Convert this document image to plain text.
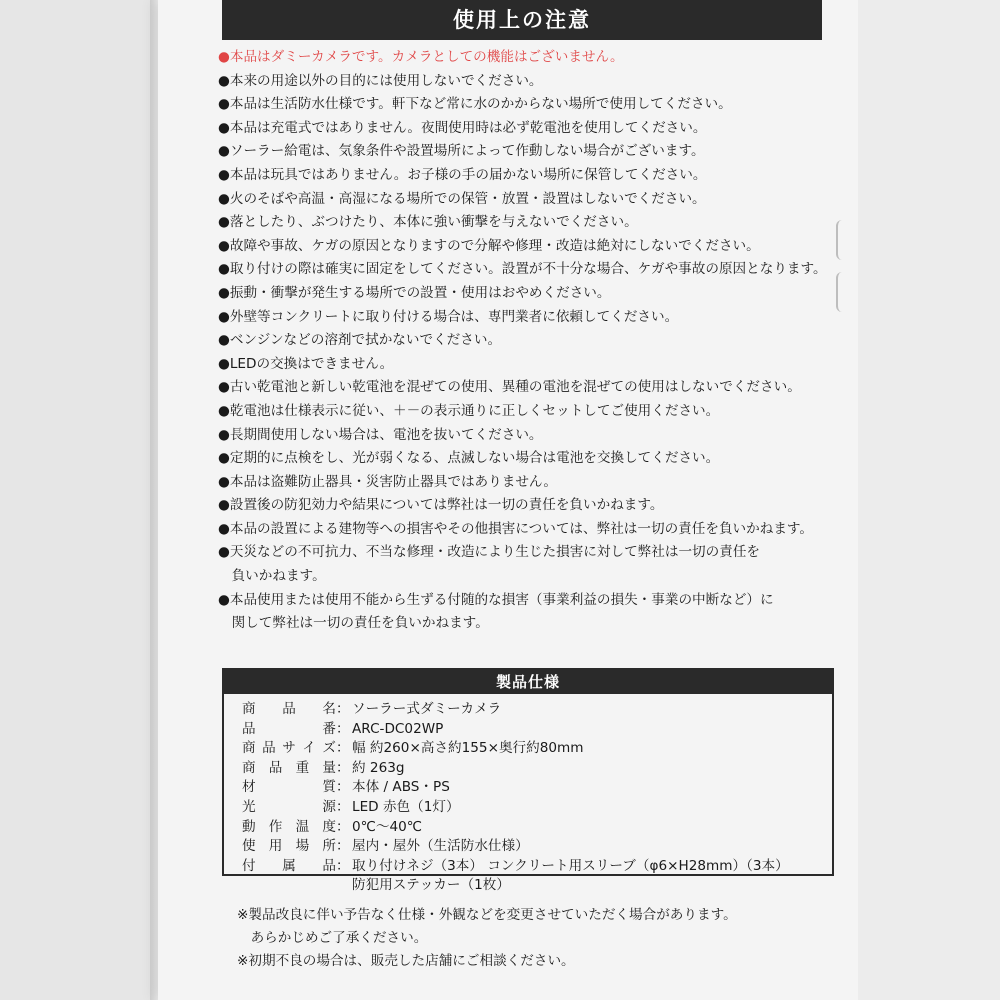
使用上の注意
●本品はダミーカメラです。カメラとしての機能はございません。
●本来の用途以外の目的には使用しないでください。
●本品は生活防水仕様です。軒下など常に水のかからない場所で使用してください。
●本品は充電式ではありません。夜間使用時は必ず乾電池を使用してください。
●ソーラー給電は、気象条件や設置場所によって作動しない場合がございます。
●本品は玩具ではありません。お子様の手の届かない場所に保管してください。
●火のそばや高温・高湿になる場所での保管・放置・設置はしないでください。
●落としたり、ぶつけたり、本体に強い衝撃を与えないでください。
●故障や事故、ケガの原因となりますので分解や修理・改造は絶対にしないでください。
●取り付けの際は確実に固定をしてください。設置が不十分な場合、ケガや事故の原因となります。
●振動・衝撃が発生する場所での設置・使用はおやめください。
●外壁等コンクリートに取り付ける場合は、専門業者に依頼してください。
●ベンジンなどの溶剤で拭かないでください。
●LEDの交換はできません。
●古い乾電池と新しい乾電池を混ぜての使用、異種の電池を混ぜての使用はしないでください。
●乾電池は仕様表示に従い、＋－の表示通りに正しくセットしてご使用ください。
●長期間使用しない場合は、電池を抜いてください。
●定期的に点検をし、光が弱くなる、点滅しない場合は電池を交換してください。
●本品は盗難防止器具・災害防止器具ではありません。
●設置後の防犯効力や結果については弊社は一切の責任を負いかねます。
●本品の設置による建物等への損害やその他損害については、弊社は一切の責任を負いかねます。
●天災などの不可抗力、不当な修理・改造により生じた損害に対して弊社は一切の責任を
　負いかねます。
●本品使用または使用不能から生ずる付随的な損害（事業利益の損失・事業の中断など）に
　関して弊社は一切の責任を負いかねます。
製品仕様
商 品 名 ： ソーラー式ダミーカメラ
品	番 ： ARC-DC02WP
商 品 サ イ ズ ： 幅 約260×高さ約155×奥行約80mm
商 品 重 量 ： 約 263g
材	質 ： 本体 / ABS・PS
光	源 ： LED 赤色（1灯）
動 作 温 度 ： 0℃～40℃
使 用 場 所 ： 屋内・屋外（生活防水仕様）
付 属 品 ： 取り付けネジ（3本） コンクリート用スリーブ（φ6×H28mm）（3本）
防犯用ステッカー（1枚）
※製品改良に伴い予告なく仕様・外観などを変更させていただく場合があります。
　あらかじめご了承ください。
※初期不良の場合は、販売した店舗にご相談ください。
